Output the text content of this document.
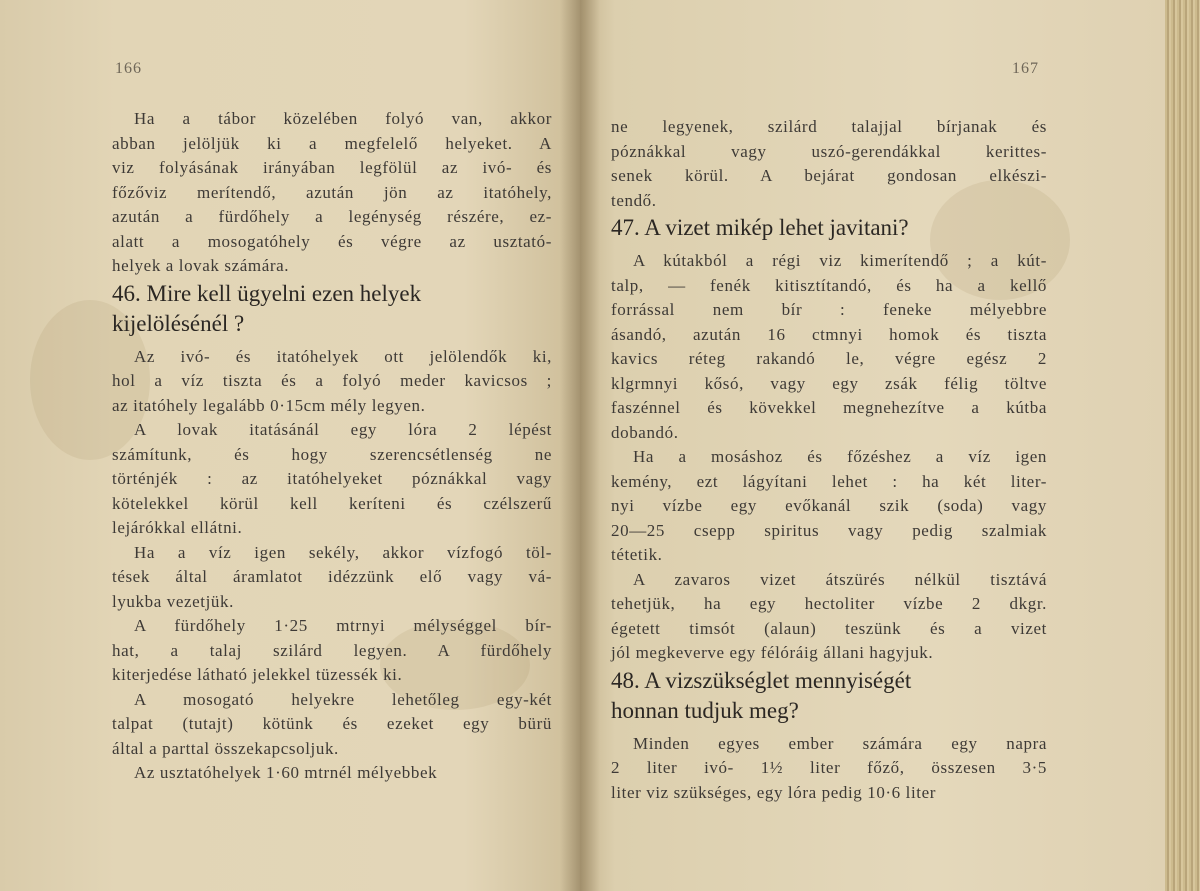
166
Ha a tábor közelében folyó van, akkor
abban jelöljük ki a megfelelő helyeket. A
viz folyásának irányában legfölül az ivó- és
főzőviz merítendő, azután jön az itatóhely,
azután a fürdőhely a legénység részére, ez-
alatt a mosogatóhely és végre az usztató-
helyek a lovak számára.
46. Mire kell ügyelni ezen helyek
kijelölésénél ?
Az ivó- és itatóhelyek ott jelölendők ki,
hol a víz tiszta és a folyó meder kavicsos ;
az itatóhely legalább 0·15cm mély legyen.
A lovak itatásánál egy lóra 2 lépést
számítunk, és hogy szerencsétlenség ne
történjék : az itatóhelyeket póznákkal vagy
kötelekkel körül kell keríteni és czélszerű
lejárókkal ellátni.
Ha a víz igen sekély, akkor vízfogó töl-
tések által áramlatot idézzünk elő vagy vá-
lyukba vezetjük.
A fürdőhely 1·25 mtrnyi mélységgel bír-
hat, a talaj szilárd legyen. A fürdőhely
kiterjedése látható jelekkel tüzessék ki.
A mosogató helyekre lehetőleg egy-két
talpat (tutajt) kötünk és ezeket egy bürü
által a parttal összekapcsoljuk.
Az usztatóhelyek 1·60 mtrnél mélyebbek
167
ne legyenek, szilárd talajjal bírjanak és
póznákkal vagy uszó-gerendákkal kerittes-
senek körül. A bejárat gondosan elkészi-
tendő.
47. A vizet mikép lehet javitani?
A kútakból a régi viz kimerítendő ; a kút-
talp, — fenék kitisztítandó, és ha a kellő
forrással nem bír : feneke mélyebbre
ásandó, azután 16 ctmnyi homok és tiszta
kavics réteg rakandó le, végre egész 2
klgrmnyi kősó, vagy egy zsák félig töltve
faszénnel és kövekkel megnehezítve a kútba
dobandó.
Ha a mosáshoz és főzéshez a víz igen
kemény, ezt lágyítani lehet : ha két liter-
nyi vízbe egy evőkanál szik (soda) vagy
20—25 csepp spiritus vagy pedig szalmiak
tétetik.
A zavaros vizet átszürés nélkül tisztává
tehetjük, ha egy hectoliter vízbe 2 dkgr.
égetett timsót (alaun) teszünk és a vizet
jól megkeverve egy félóráig állani hagyjuk.
48. A vizszükséglet mennyiségét
honnan tudjuk meg?
Minden egyes ember számára egy napra
2 liter ivó- 1½ liter főző, összesen 3·5
liter viz szükséges, egy lóra pedig 10·6 liter
